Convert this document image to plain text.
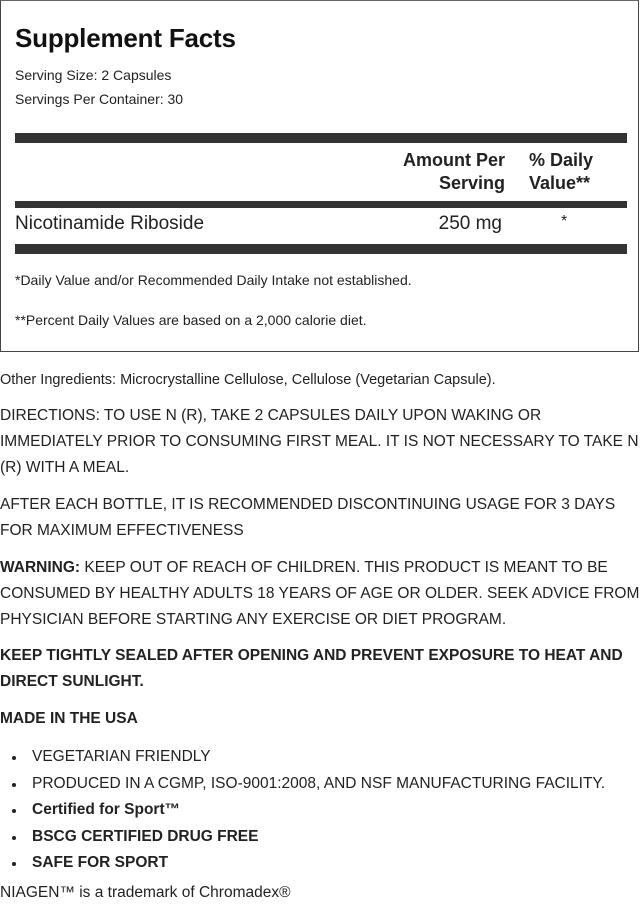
Supplement Facts
Serving Size: 2 Capsules
Servings Per Container: 30
Amount Per
Serving
% Daily
Value**
Nicotinamide Riboside	250 mg	*
*Daily Value and/or Recommended Daily Intake not established.
**Percent Daily Values are based on a 2,000 calorie diet.

Other Ingredients: Microcrystalline Cellulose, Cellulose (Vegetarian Capsule).

DIRECTIONS: TO USE N (R), TAKE 2 CAPSULES DAILY UPON WAKING OR IMMEDIATELY PRIOR TO CONSUMING FIRST MEAL. IT IS NOT NECESSARY TO TAKE N (R) WITH A MEAL.

AFTER EACH BOTTLE, IT IS RECOMMENDED DISCONTINUING USAGE FOR 3 DAYS FOR MAXIMUM EFFECTIVENESS

WARNING: KEEP OUT OF REACH OF CHILDREN. THIS PRODUCT IS MEANT TO BE CONSUMED BY HEALTHY ADULTS 18 YEARS OF AGE OR OLDER. SEEK ADVICE FROM PHYSICIAN BEFORE STARTING ANY EXERCISE OR DIET PROGRAM.

KEEP TIGHTLY SEALED AFTER OPENING AND PREVENT EXPOSURE TO HEAT AND DIRECT SUNLIGHT.

MADE IN THE USA

VEGETARIAN FRIENDLY
PRODUCED IN A CGMP, ISO-9001:2008, AND NSF MANUFACTURING FACILITY.
Certified for Sport™
BSCG CERTIFIED DRUG FREE
SAFE FOR SPORT
NIAGEN™ is a trademark of Chromadex®
